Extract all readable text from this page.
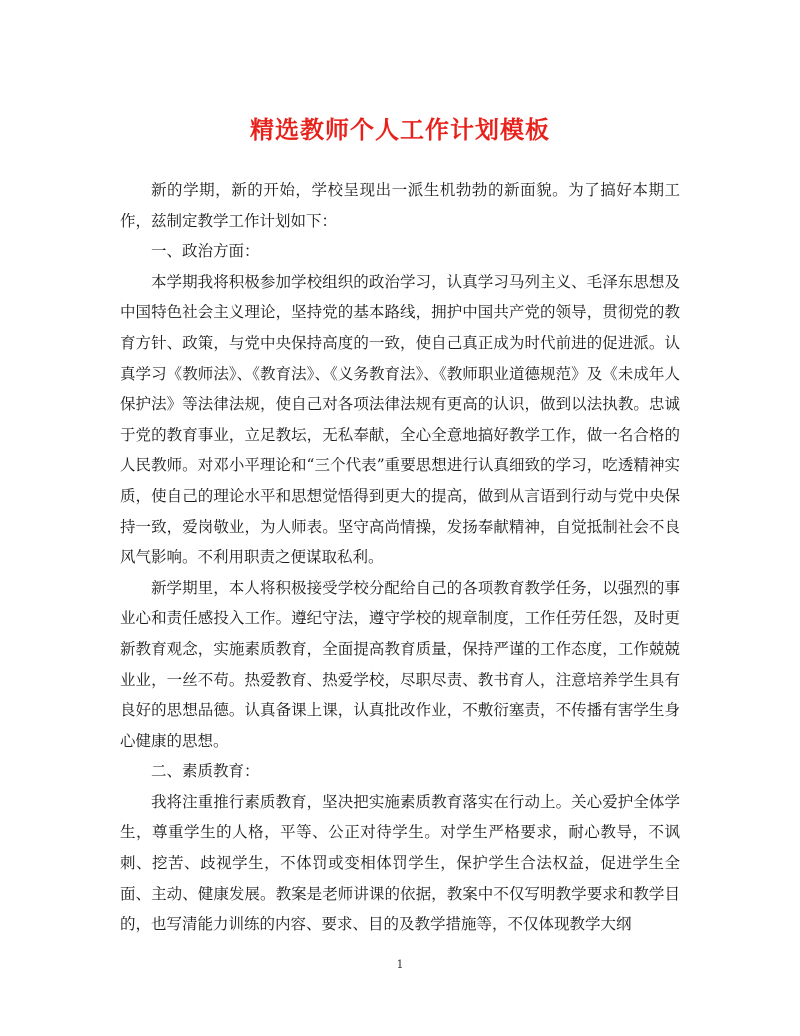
精选教师个人工作计划模板

新的学期，新的开始，学校呈现出一派生机勃勃的新面貌。为了搞好本期工作，兹制定教学工作计划如下：

一、政治方面：

本学期我将积极参加学校组织的政治学习，认真学习马列主义、毛泽东思想及中国特色社会主义理论，坚持党的基本路线，拥护中国共产党的领导，贯彻党的教育方针、政策，与党中央保持高度的一致，使自己真正成为时代前进的促进派。认真学习《教师法》、《教育法》、《义务教育法》、《教师职业道德规范》及《未成年人保护法》等法律法规，使自己对各项法律法规有更高的认识，做到以法执教。忠诚于党的教育事业，立足教坛，无私奉献，全心全意地搞好教学工作，做一名合格的人民教师。对邓小平理论和“三个代表”重要思想进行认真细致的学习，吃透精神实质，使自己的理论水平和思想觉悟得到更大的提高，做到从言语到行动与党中央保持一致，爱岗敬业，为人师表。坚守高尚情操，发扬奉献精神，自觉抵制社会不良风气影响。不利用职责之便谋取私利。

新学期里，本人将积极接受学校分配给自己的各项教育教学任务，以强烈的事业心和责任感投入工作。遵纪守法，遵守学校的规章制度，工作任劳任怨，及时更新教育观念，实施素质教育，全面提高教育质量，保持严谨的工作态度，工作兢兢业业，一丝不苟。热爱教育、热爱学校，尽职尽责、教书育人，注意培养学生具有良好的思想品德。认真备课上课，认真批改作业，不敷衍塞责，不传播有害学生身心健康的思想。

二、素质教育：

我将注重推行素质教育，坚决把实施素质教育落实在行动上。关心爱护全体学生，尊重学生的人格，平等、公正对待学生。对学生严格要求，耐心教导，不讽刺、挖苦、歧视学生，不体罚或变相体罚学生，保护学生合法权益，促进学生全面、主动、健康发展。教案是老师讲课的依据，教案中不仅写明教学要求和教学目的，也写清能力训练的内容、要求、目的及教学措施等，不仅体现教学大纲

1
